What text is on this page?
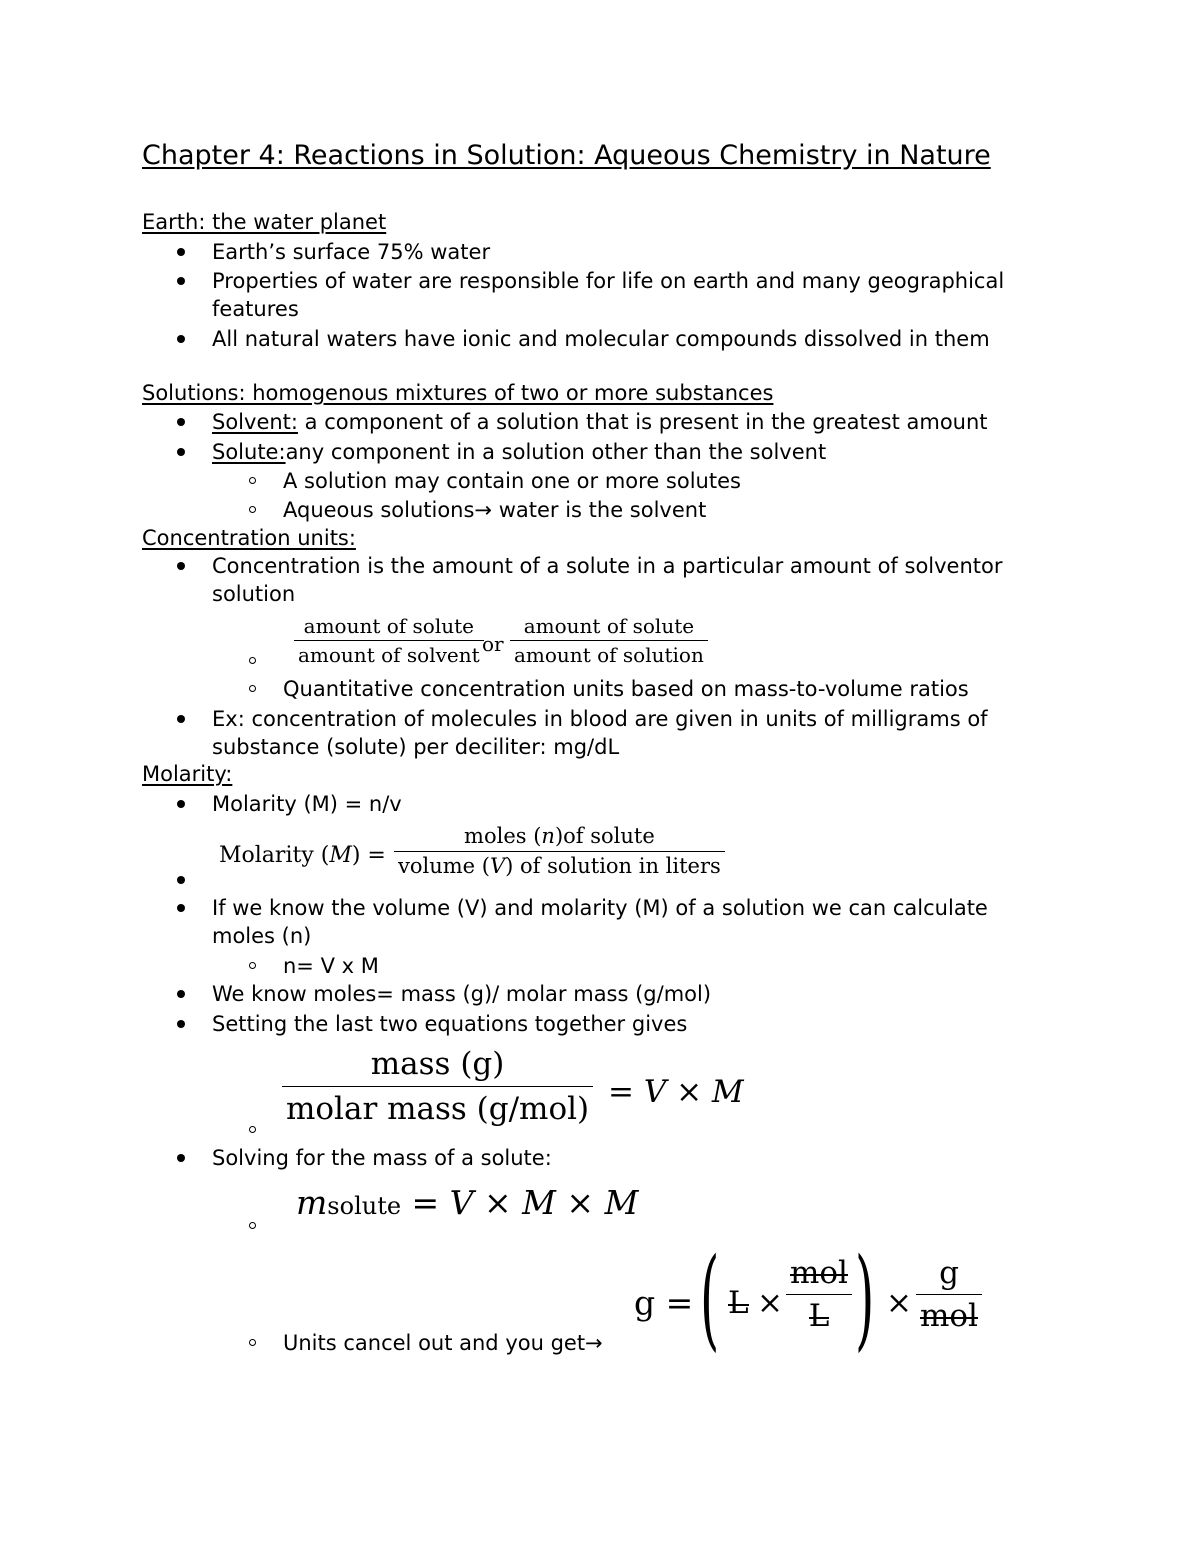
Chapter 4: Reactions in Solution: Aqueous Chemistry in Nature
Earth: the water planet
Earth’s surface 75% water
Properties of water are responsible for life on earth and many geographical
features
All natural waters have ionic and molecular compounds dissolved in them
Solutions: homogenous mixtures of two or more substances
Solvent: a component of a solution that is present in the greatest amount
Solute:any component in a solution other than the solvent
A solution may contain one or more solutes
Aqueous solutions→ water is the solvent
Concentration units:
Concentration is the amount of a solute in a particular amount of solventor
solution
amount of solute
amount of solvent or
amount of solute
amount of solution
Quantitative concentration units based on mass-to-volume ratios
Ex: concentration of molecules in blood are given in units of milligrams of
substance (solute) per deciliter: mg/dL
Molarity:
Molarity (M) = n/v
Molarity (M) =
moles (n)of solute
volume (V) of solution in liters
If we know the volume (V) and molarity (M) of a solution we can calculate
moles (n)
n= V x M
We know moles= mass (g)/ molar mass (g/mol)
Setting the last two equations together gives
mass (g)
molar mass (g/mol) = V × M
Solving for the mass of a solute:
msolute = V × M × M
Units cancel out and you get→
g = ( L ×
mol
L ) ×
g
mol
